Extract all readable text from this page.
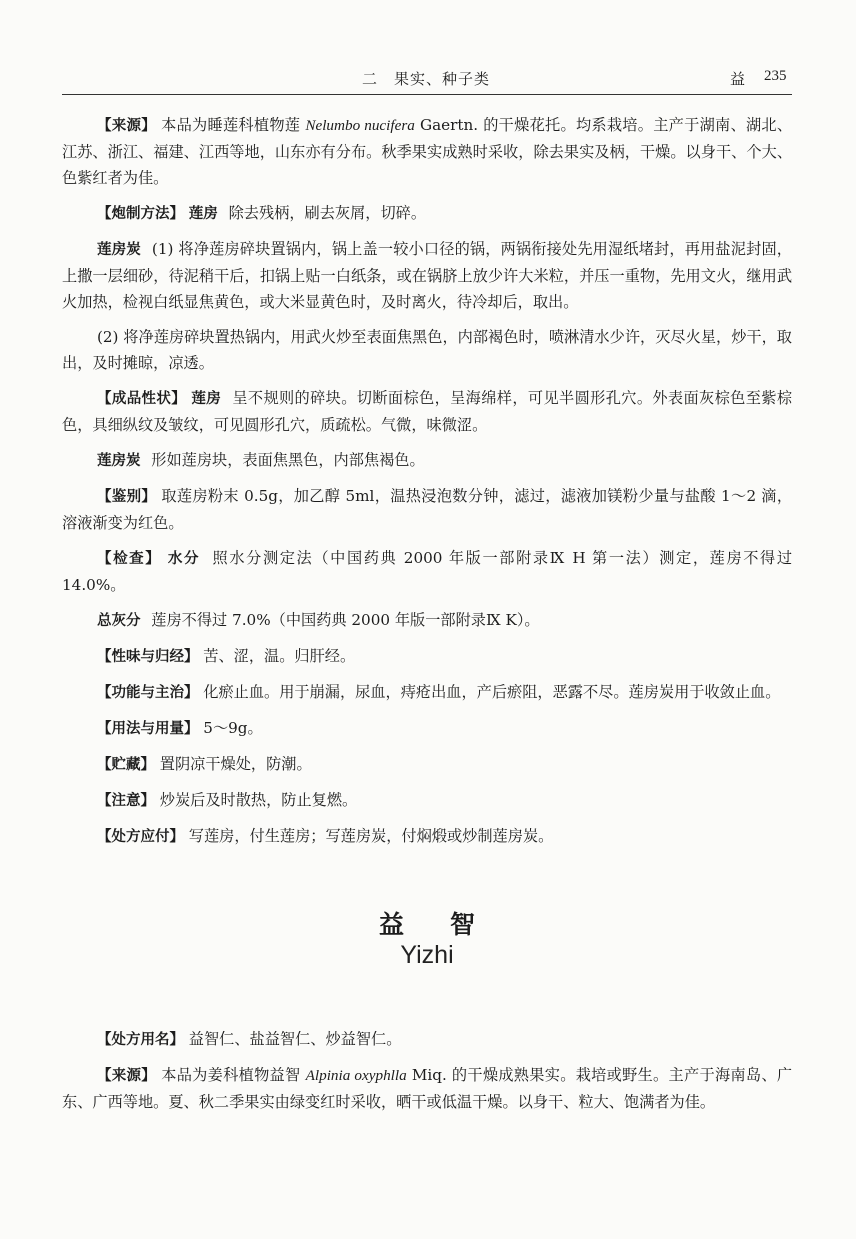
二　果实、种子类	益 235

【来源】 本品为睡莲科植物莲 Nelumbo nucifera Gaertn. 的干燥花托。均系栽培。主产于湖南、湖北、江苏、浙江、福建、江西等地，山东亦有分布。秋季果实成熟时采收，除去果实及柄，干燥。以身干、个大、色紫红者为佳。

【炮制方法】 莲房 除去残柄，刷去灰屑，切碎。

莲房炭 (1) 将净莲房碎块置锅内，锅上盖一较小口径的锅，两锅衔接处先用湿纸堵封，再用盐泥封固，上撒一层细砂，待泥稍干后，扣锅上贴一白纸条，或在锅脐上放少许大米粒，并压一重物，先用文火，继用武火加热，检视白纸显焦黄色，或大米显黄色时，及时离火，待冷却后，取出。

(2) 将净莲房碎块置热锅内，用武火炒至表面焦黑色，内部褐色时，喷淋清水少许，灭尽火星，炒干，取出，及时摊晾，凉透。

【成品性状】 莲房 呈不规则的碎块。切断面棕色，呈海绵样，可见半圆形孔穴。外表面灰棕色至紫棕色，具细纵纹及皱纹，可见圆形孔穴，质疏松。气微，味微涩。

莲房炭 形如莲房块，表面焦黑色，内部焦褐色。

【鉴别】 取莲房粉末 0.5g，加乙醇 5ml，温热浸泡数分钟，滤过，滤液加镁粉少量与盐酸 1～2 滴，溶液渐变为红色。

【检查】 水分 照水分测定法（中国药典 2000 年版一部附录Ⅸ H 第一法）测定，莲房不得过 14.0%。

总灰分 莲房不得过 7.0%（中国药典 2000 年版一部附录Ⅸ K）。

【性味与归经】 苦、涩，温。归肝经。

【功能与主治】 化瘀止血。用于崩漏，尿血，痔疮出血，产后瘀阻，恶露不尽。莲房炭用于收敛止血。

【用法与用量】 5～9g。

【贮藏】 置阴凉干燥处，防潮。

【注意】 炒炭后及时散热，防止复燃。

【处方应付】 写莲房，付生莲房；写莲房炭，付焖煅或炒制莲房炭。

益智
Yizhi

【处方用名】 益智仁、盐益智仁、炒益智仁。

【来源】 本品为姜科植物益智 Alpinia oxyphlla Miq. 的干燥成熟果实。栽培或野生。主产于海南岛、广东、广西等地。夏、秋二季果实由绿变红时采收，晒干或低温干燥。以身干、粒大、饱满者为佳。
